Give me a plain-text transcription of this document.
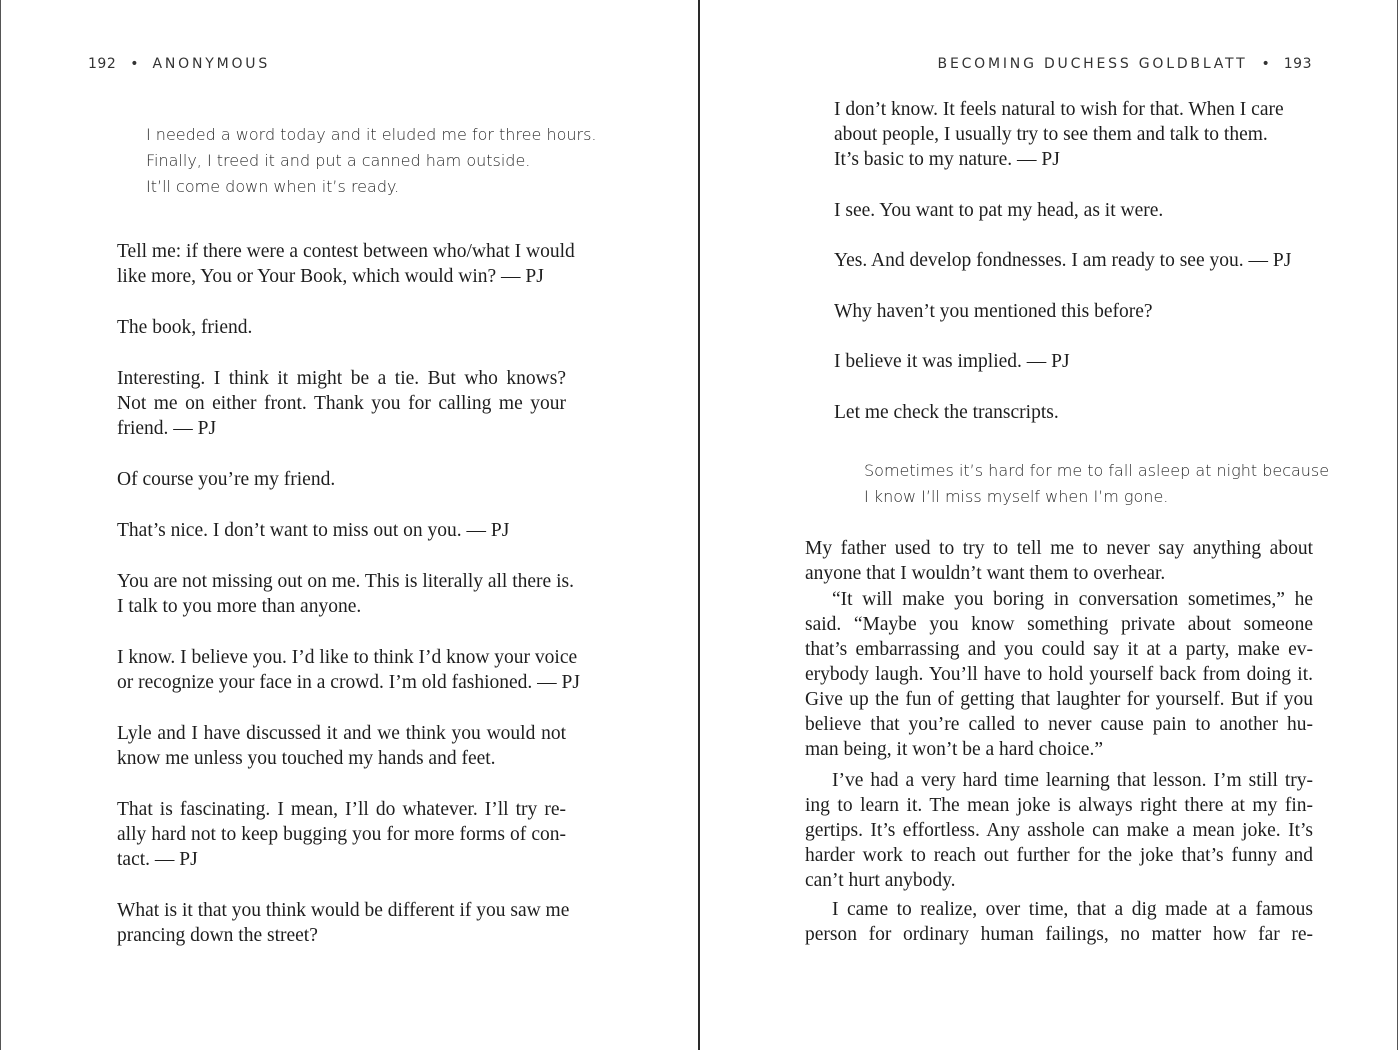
192 • ANONYMOUS
I needed a word today and it eluded me for three hours.
Finally, I treed it and put a canned ham outside.
It’ll come down when it’s ready.
Tell me: if there were a contest between who/what I would
like more, You or Your Book, which would win? — PJ
The book, friend.
Interesting. I think it might be a tie. But who knows?
Not me on either front. Thank you for calling me your
friend. — PJ
Of course you’re my friend.
That’s nice. I don’t want to miss out on you. — PJ
You are not missing out on me. This is literally all there is.
I talk to you more than anyone.
I know. I believe you. I’d like to think I’d know your voice
or recognize your face in a crowd. I’m old fashioned. — PJ
Lyle and I have discussed it and we think you would not
know me unless you touched my hands and feet.
That is fascinating. I mean, I’ll do whatever. I’ll try re-
ally hard not to keep bugging you for more forms of con-
tact. — PJ
What is it that you think would be different if you saw me
prancing down the street?
BECOMING DUCHESS GOLDBLATT • 193
I don’t know. It feels natural to wish for that. When I care
about people, I usually try to see them and talk to them.
It’s basic to my nature. — PJ
I see. You want to pat my head, as it were.
Yes. And develop fondnesses. I am ready to see you. — PJ
Why haven’t you mentioned this before?
I believe it was implied. — PJ
Let me check the transcripts.
Sometimes it’s hard for me to fall asleep at night because
I know I’ll miss myself when I’m gone.
My father used to try to tell me to never say anything about
anyone that I wouldn’t want them to overhear.
“It will make you boring in conversation sometimes,” he
said. “Maybe you know something private about someone
that’s embarrassing and you could say it at a party, make ev-
erybody laugh. You’ll have to hold yourself back from doing it.
Give up the fun of getting that laughter for yourself. But if you
believe that you’re called to never cause pain to another hu-
man being, it won’t be a hard choice.”
I’ve had a very hard time learning that lesson. I’m still try-
ing to learn it. The mean joke is always right there at my fin-
gertips. It’s effortless. Any asshole can make a mean joke. It’s
harder work to reach out further for the joke that’s funny and
can’t hurt anybody.
I came to realize, over time, that a dig made at a famous
person for ordinary human failings, no matter how far re-
